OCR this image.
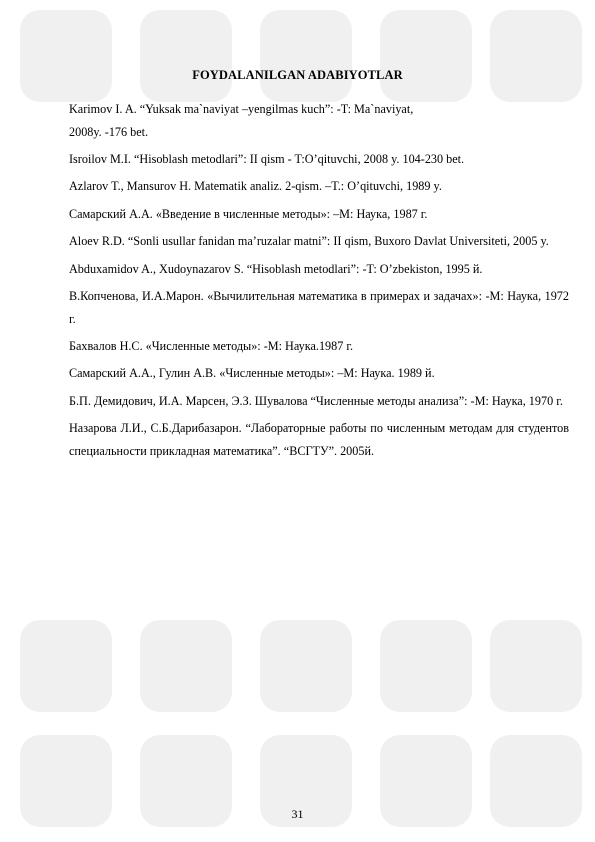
FOYDALANILGAN ADABIYOTLAR

Karimov I. A. “Yuksak ma`naviyat –yengilmas kuch”: -T: Ma`naviyat,

2008y. -176 bet.

Isroilov M.I. “Hisoblash metodlari”: II qism - T:O’qituvchi, 2008 y. 104-230 bet.

Azlarov T., Mansurov H. Matematik analiz. 2-qism. –T.: O’qituvchi, 1989 y.

Самарский А.А. «Введение в численные методы»: –М: Наука, 1987 г.

Aloev R.D. “Sonli usullar fanidan ma’ruzalar matni”: II qism, Buxoro Davlat Universiteti, 2005 y.

Abduxamidov A., Xudoynazarov S. “Hisoblash metodlari”: -T: O’zbekiston, 1995 й.

В.Копченова, И.А.Марон. «Вычилительная математика в примерах и задачах»: -М: Наука, 1972 г.

Бахвалов Н.С. «Численные методы»: -М: Наука.1987 г.

Самарский А.А., Гулин А.В. «Численные методы»: –М: Наука. 1989 й.

Б.П. Демидович, И.А. Марсен, Э.З. Шувалова “Численные методы анализа”: -М: Наука, 1970 г.

Назарова Л.И., С.Б.Дарибазарон. “Лабораторные работы по численным методам для студентов специальности прикладная математика”. “ВСГТУ”. 2005й.

31
